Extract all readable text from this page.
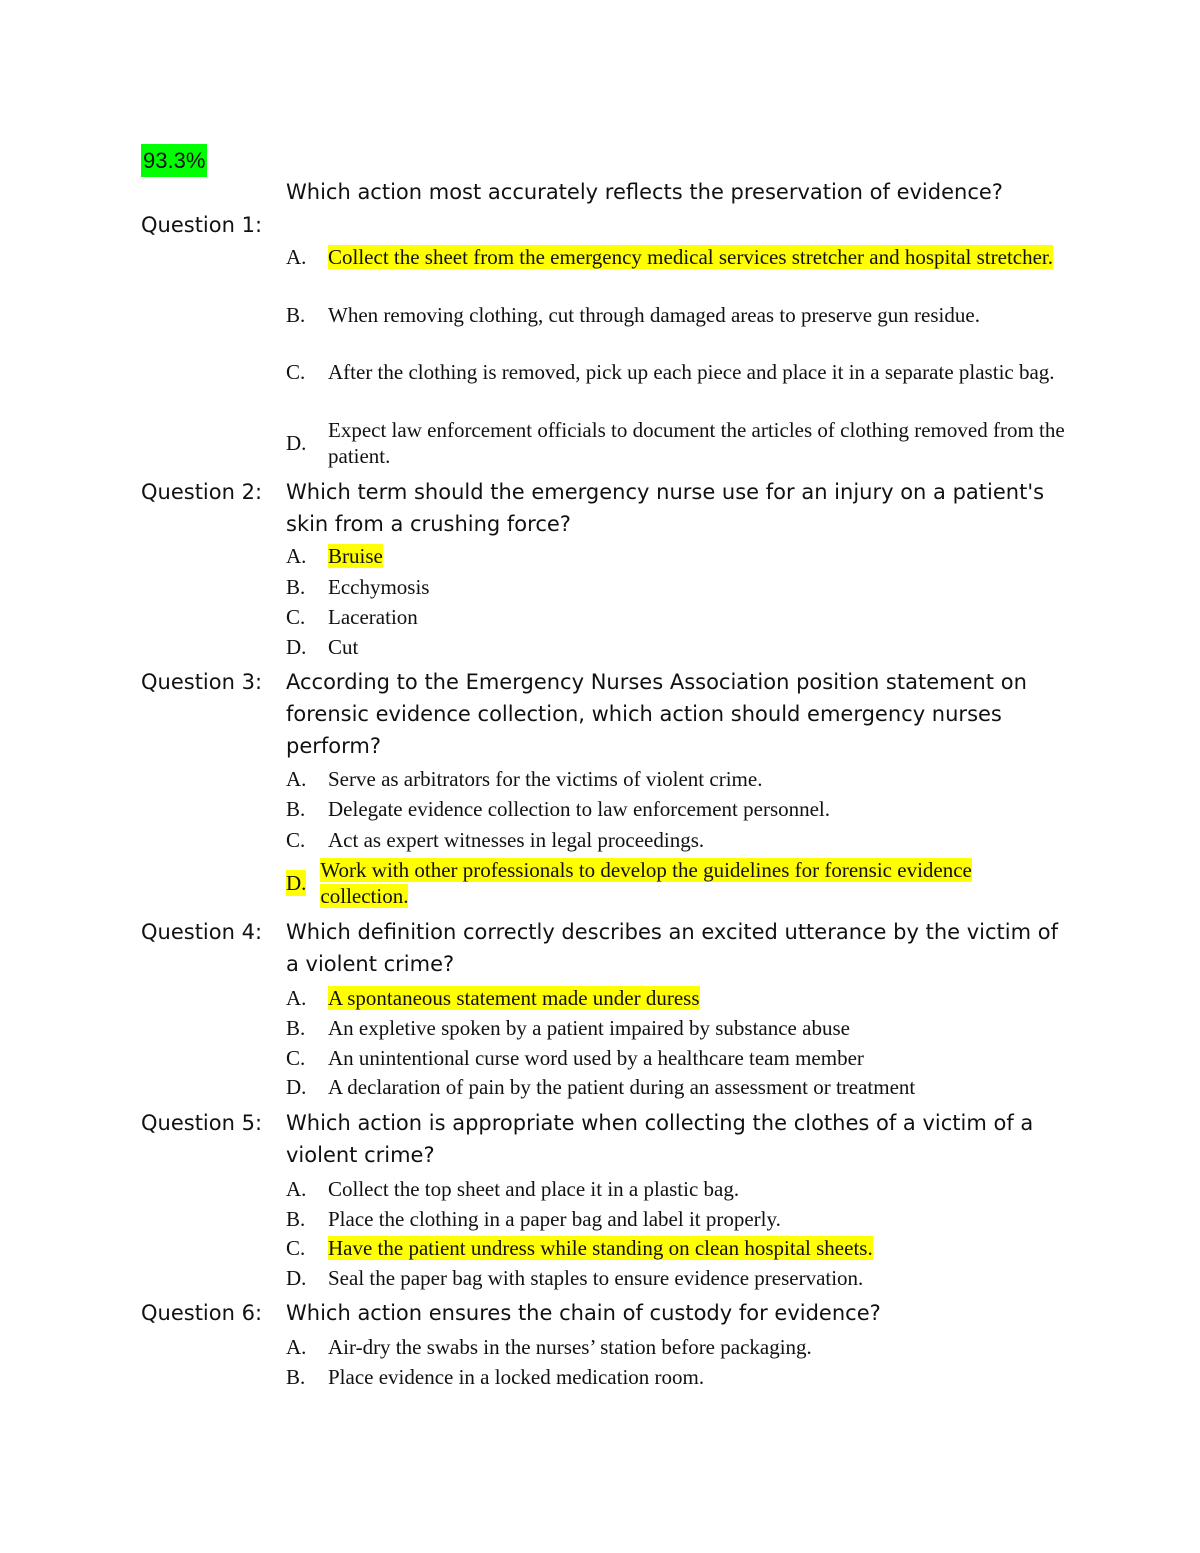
93.3%
Which action most accurately reflects the preservation of evidence?
Question 1:
A.	Collect the sheet from the emergency medical services stretcher and hospital stretcher.
B.	When removing clothing, cut through damaged areas to preserve gun residue.
C.	After the clothing is removed, pick up each piece and place it in a separate plastic bag.
D.
Expect law enforcement officials to document the articles of clothing removed from the patient.
Question 2:	Which term should the emergency nurse use for an injury on a patient's skin from a crushing force?
A.	Bruise
B.	Ecchymosis
C.	Laceration
D.	Cut
Question 3:	According to the Emergency Nurses Association position statement on forensic evidence collection, which action should emergency nurses perform?
A.	Serve as arbitrators for the victims of violent crime.
B.	Delegate evidence collection to law enforcement personnel.
C.	Act as expert witnesses in legal proceedings.
D.
Work with other professionals to develop the guidelines for forensic evidence collection.
Question 4:	Which definition correctly describes an excited utterance by the victim of a violent crime?
A.	A spontaneous statement made under duress
B.	An expletive spoken by a patient impaired by substance abuse
C.	An unintentional curse word used by a healthcare team member
D.	A declaration of pain by the patient during an assessment or treatment
Question 5:	Which action is appropriate when collecting the clothes of a victim of a violent crime?
A.	Collect the top sheet and place it in a plastic bag.
B.	Place the clothing in a paper bag and label it properly.
C.	Have the patient undress while standing on clean hospital sheets.
D.	Seal the paper bag with staples to ensure evidence preservation.
Question 6:	Which action ensures the chain of custody for evidence?
A.	Air-dry the swabs in the nurses’ station before packaging.
B.	Place evidence in a locked medication room.
